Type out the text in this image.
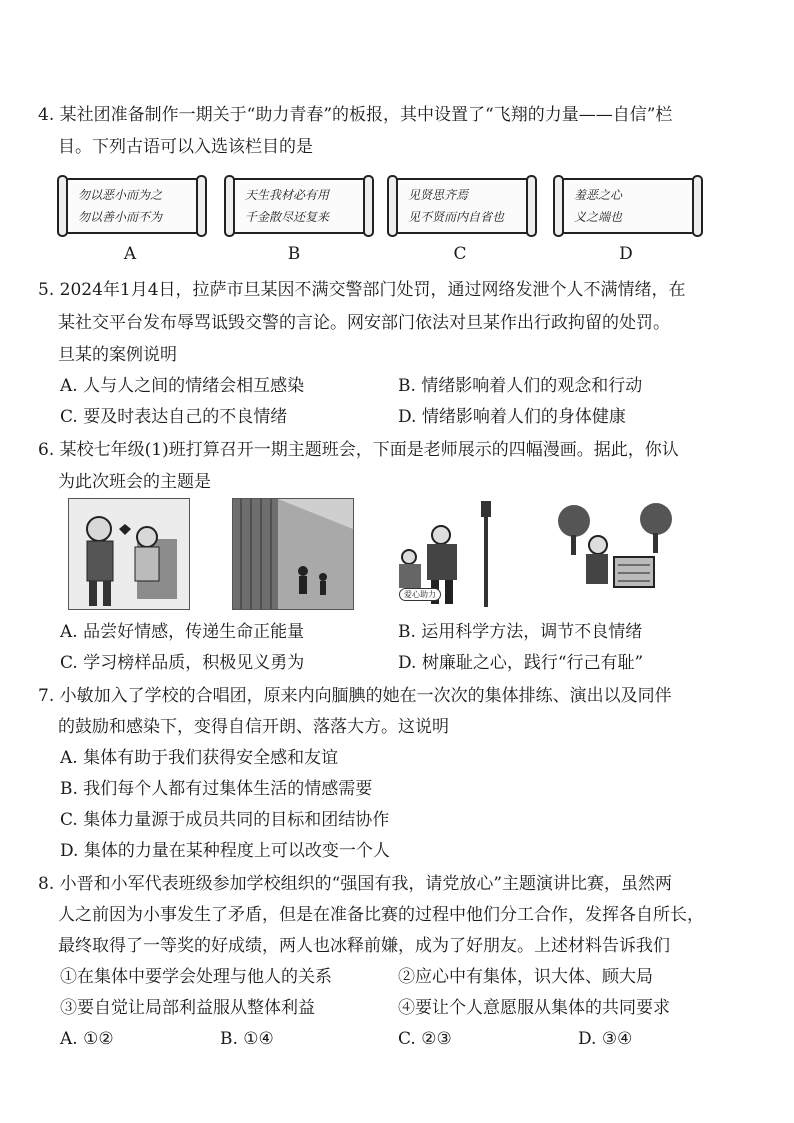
4. 某社团准备制作一期关于“助力青春”的板报，其中设置了“飞翔的力量——自信”栏
目。下列古语可以入选该栏目的是
勿以恶小而为之
勿以善小而不为
天生我材必有用
千金散尽还复来
见贤思齐焉
见不贤而内自省也
羞恶之心
义之端也
A	B	C	D
5. 2024年1月4日，拉萨市旦某因不满交警部门处罚，通过网络发泄个人不满情绪，在
某社交平台发布辱骂诋毁交警的言论。网安部门依法对旦某作出行政拘留的处罚。
旦某的案例说明
A. 人与人之间的情绪会相互感染	B. 情绪影响着人们的观念和行动
C. 要及时表达自己的不良情绪	D. 情绪影响着人们的身体健康
6. 某校七年级(1)班打算召开一期主题班会，下面是老师展示的四幅漫画。据此，你认
为此次班会的主题是
爱心助力
A. 品尝好情感，传递生命正能量	B. 运用科学方法，调节不良情绪
C. 学习榜样品质，积极见义勇为	D. 树廉耻之心，践行“行己有耻”
7. 小敏加入了学校的合唱团，原来内向腼腆的她在一次次的集体排练、演出以及同伴
的鼓励和感染下，变得自信开朗、落落大方。这说明
A. 集体有助于我们获得安全感和友谊
B. 我们每个人都有过集体生活的情感需要
C. 集体力量源于成员共同的目标和团结协作
D. 集体的力量在某种程度上可以改变一个人
8. 小晋和小军代表班级参加学校组织的“强国有我，请党放心”主题演讲比赛，虽然两
人之前因为小事发生了矛盾，但是在准备比赛的过程中他们分工合作，发挥各自所长，
最终取得了一等奖的好成绩，两人也冰释前嫌，成为了好朋友。上述材料告诉我们
①在集体中要学会处理与他人的关系	②应心中有集体，识大体、顾大局
③要自觉让局部利益服从整体利益	④要让个人意愿服从集体的共同要求
A. ①②	B. ①④	C. ②③	D. ③④
